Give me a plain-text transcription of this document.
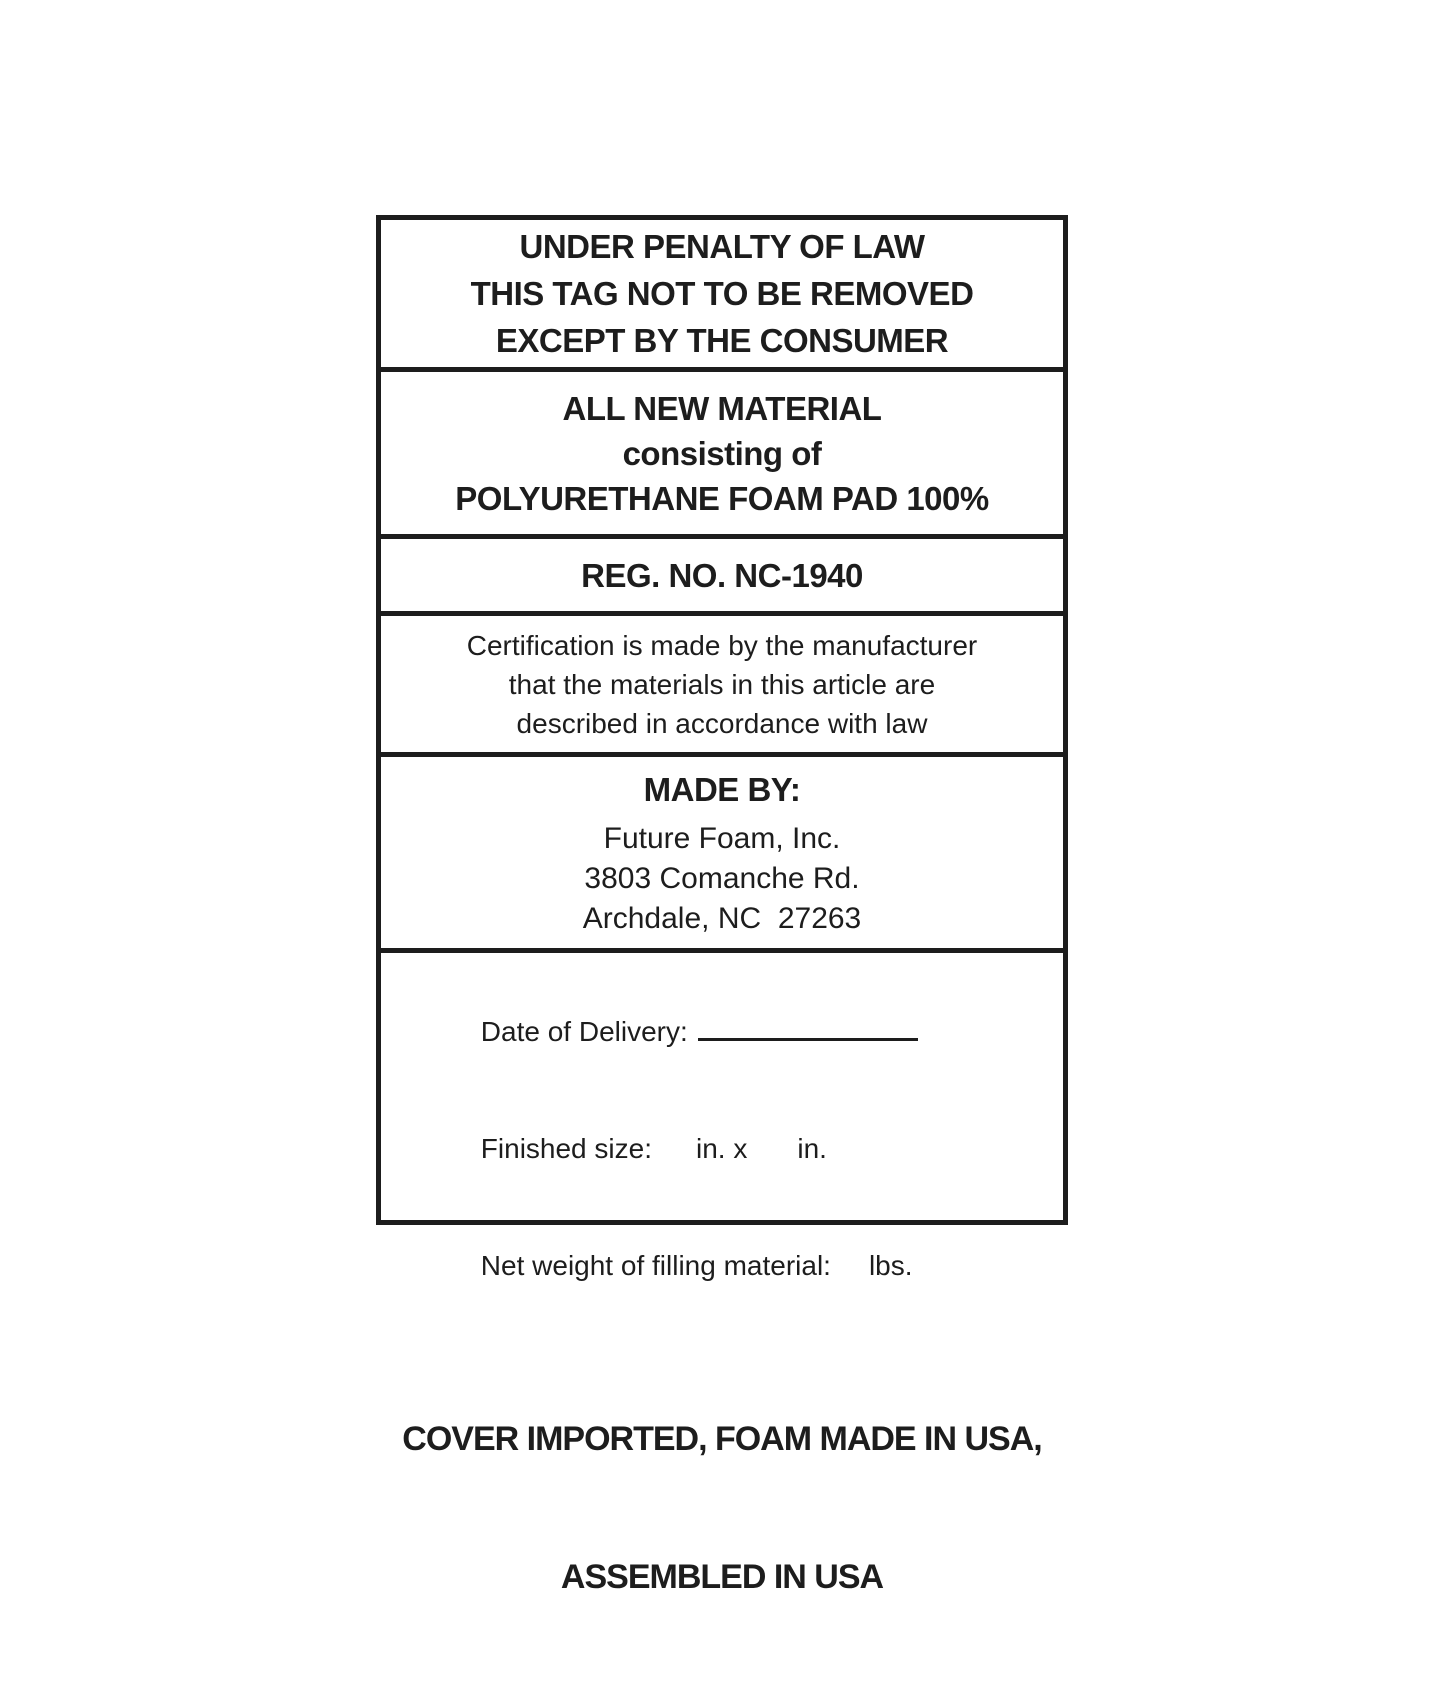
UNDER PENALTY OF LAW
THIS TAG NOT TO BE REMOVED
EXCEPT BY THE CONSUMER
ALL NEW MATERIAL
consisting of
POLYURETHANE FOAM PAD 100%
REG. NO. NC-1940
Certification is made by the manufacturer
that the materials in this article are
described in accordance with law
MADE BY:
Future Foam, Inc.
3803 Comanche Rd.
Archdale, NC  27263

Date of Delivery:

Finished size: in. x in.

Net weight of filling material: lbs.

COVER IMPORTED, FOAM MADE IN USA,

ASSEMBLED IN USA
